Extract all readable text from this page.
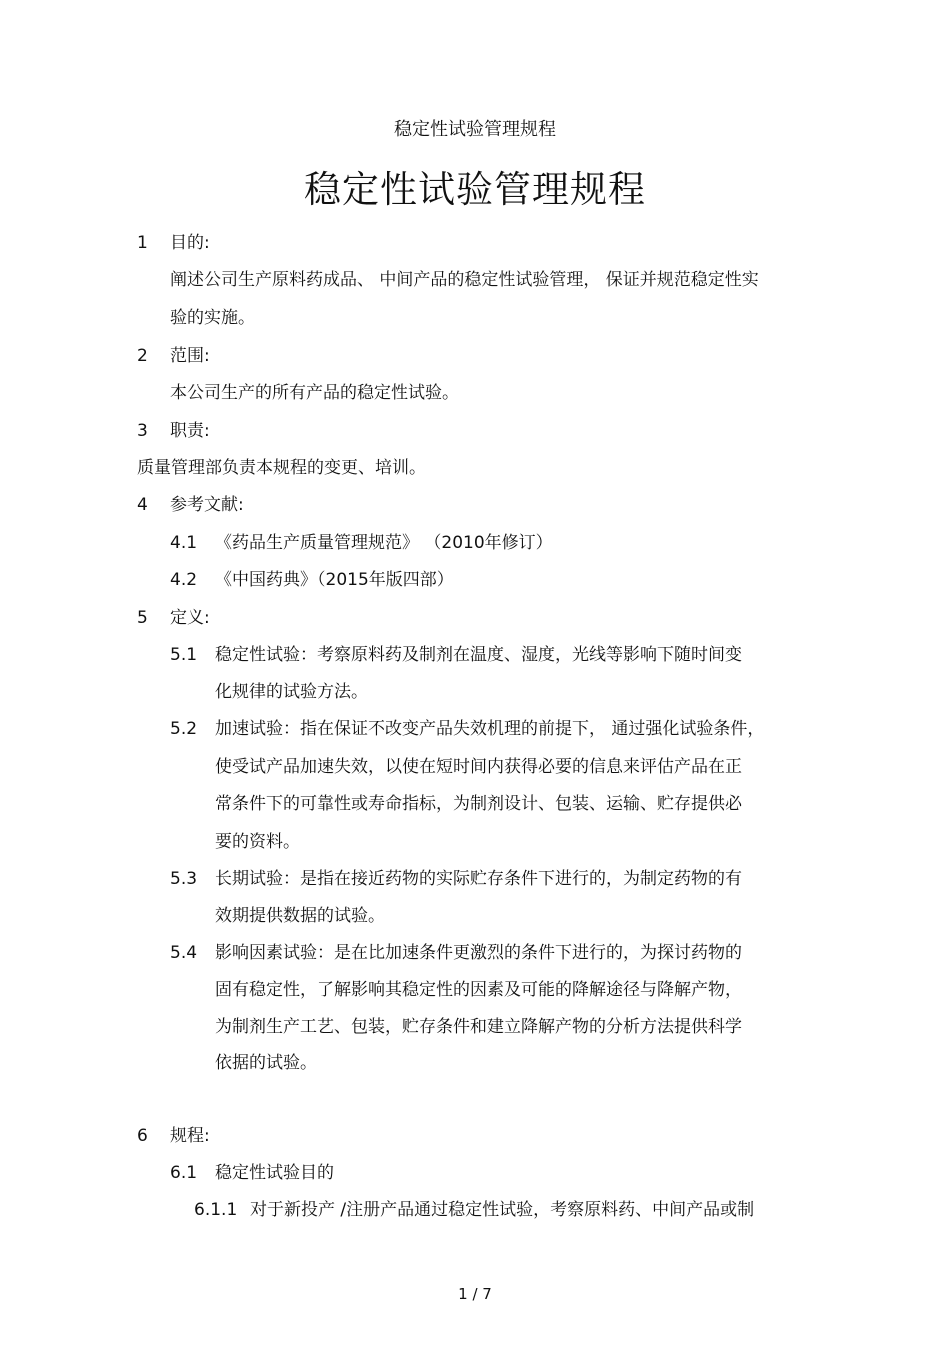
稳定性试验管理规程
稳定性试验管理规程
1 目的:
阐述公司生产原料药成品、 中间产品的稳定性试验管理， 保证并规范稳定性实
验的实施。
2 范围:
本公司生产的所有产品的稳定性试验。
3 职责:
质量管理部负责本规程的变更、培训。
4 参考文献:
4.1 《药品生产质量管理规范》 （2010年修订）
4.2 《中国药典》（2015年版四部）
5 定义:
5.1 稳定性试验：考察原料药及制剂在温度、湿度，光线等影响下随时间变
化规律的试验方法。
5.2 加速试验：指在保证不改变产品失效机理的前提下， 通过强化试验条件，
使受试产品加速失效，以使在短时间内获得必要的信息来评估产品在正
常条件下的可靠性或寿命指标，为制剂设计、包装、运输、贮存提供必
要的资料。
5.3 长期试验：是指在接近药物的实际贮存条件下进行的，为制定药物的有
效期提供数据的试验。
5.4 影响因素试验：是在比加速条件更激烈的条件下进行的，为探讨药物的
固有稳定性，了解影响其稳定性的因素及可能的降解途径与降解产物，
为制剂生产工艺、包装，贮存条件和建立降解产物的分析方法提供科学
依据的试验。
6 规程:
6.1 稳定性试验目的
6.1.1 对于新投产 /注册产品通过稳定性试验，考察原料药、中间产品或制
1 / 7
